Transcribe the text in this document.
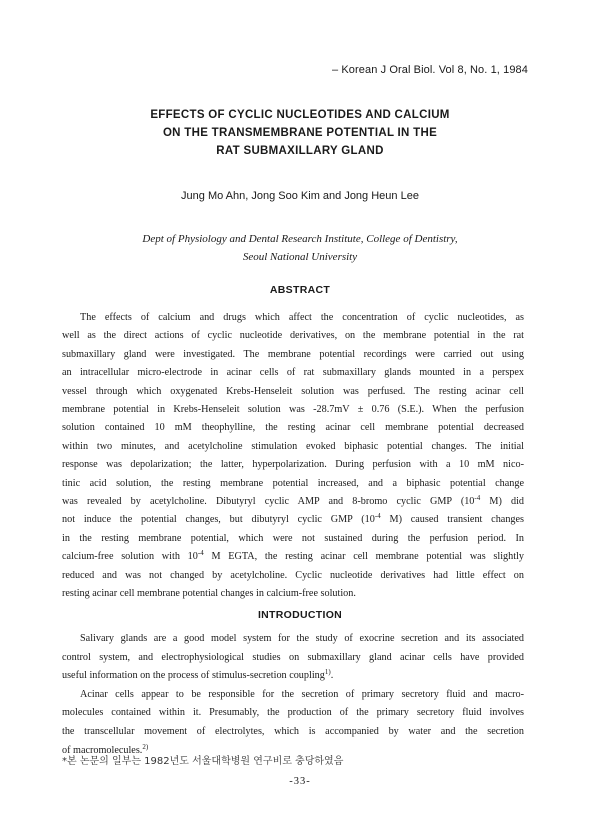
– Korean J Oral Biol. Vol 8, No. 1, 1984
EFFECTS OF CYCLIC NUCLEOTIDES AND CALCIUM
ON THE TRANSMEMBRANE POTENTIAL IN THE
RAT SUBMAXILLARY GLAND
Jung Mo Ahn, Jong Soo Kim and Jong Heun Lee
Dept of Physiology and Dental Research Institute, College of Dentistry,
Seoul National University
ABSTRACT
The effects of calcium and drugs which affect the concentration of cyclic nucleotides, as
well as the direct actions of cyclic nucleotide derivatives, on the membrane potential in the rat
submaxillary gland were investigated. The membrane potential recordings were carried out using
an intracellular micro-electrode in acinar cells of rat submaxillary glands mounted in a perspex
vessel through which oxygenated Krebs-Henseleit solution was perfused. The resting acinar cell
membrane potential in Krebs-Henseleit solution was -28.7mV ± 0.76 (S.E.). When the perfusion
solution contained 10 mM theophylline, the resting acinar cell membrane potential decreased
within two minutes, and acetylcholine stimulation evoked biphasic potential changes. The initial
response was depolarization; the latter, hyperpolarization. During perfusion with a 10 mM nico-
tinic acid solution, the resting membrane potential increased, and a biphasic potential change
was revealed by acetylcholine. Dibutyryl cyclic AMP and 8-bromo cyclic GMP ($10^{-4}$ M) did
not induce the potential changes, but dibutyryl cyclic GMP ($10^{-4}$ M) caused transient changes
in the resting membrane potential, which were not sustained during the perfusion period. In
calcium-free solution with $10^{-4}$ M EGTA, the resting acinar cell membrane potential was slightly
reduced and was not changed by acetylcholine. Cyclic nucleotide derivatives had little effect on
resting acinar cell membrane potential changes in calcium-free solution.
INTRODUCTION
Salivary glands are a good model system for the study of exocrine secretion and its associated
control system, and electrophysiological studies on submaxillary gland acinar cells have provided
useful information on the process of stimulus-secretion coupling$^{1)}$.
Acinar cells appear to be responsible for the secretion of primary secretory fluid and macro-
molecules contained within it. Presumably, the production of the primary secretory fluid involves
the transcellular movement of electrolytes, which is accompanied by water and the secretion
of macromolecules.$^{2)}$
*본 논문의 일부는 1982년도 서울대학병원 연구비로 충당하였음
-33-
